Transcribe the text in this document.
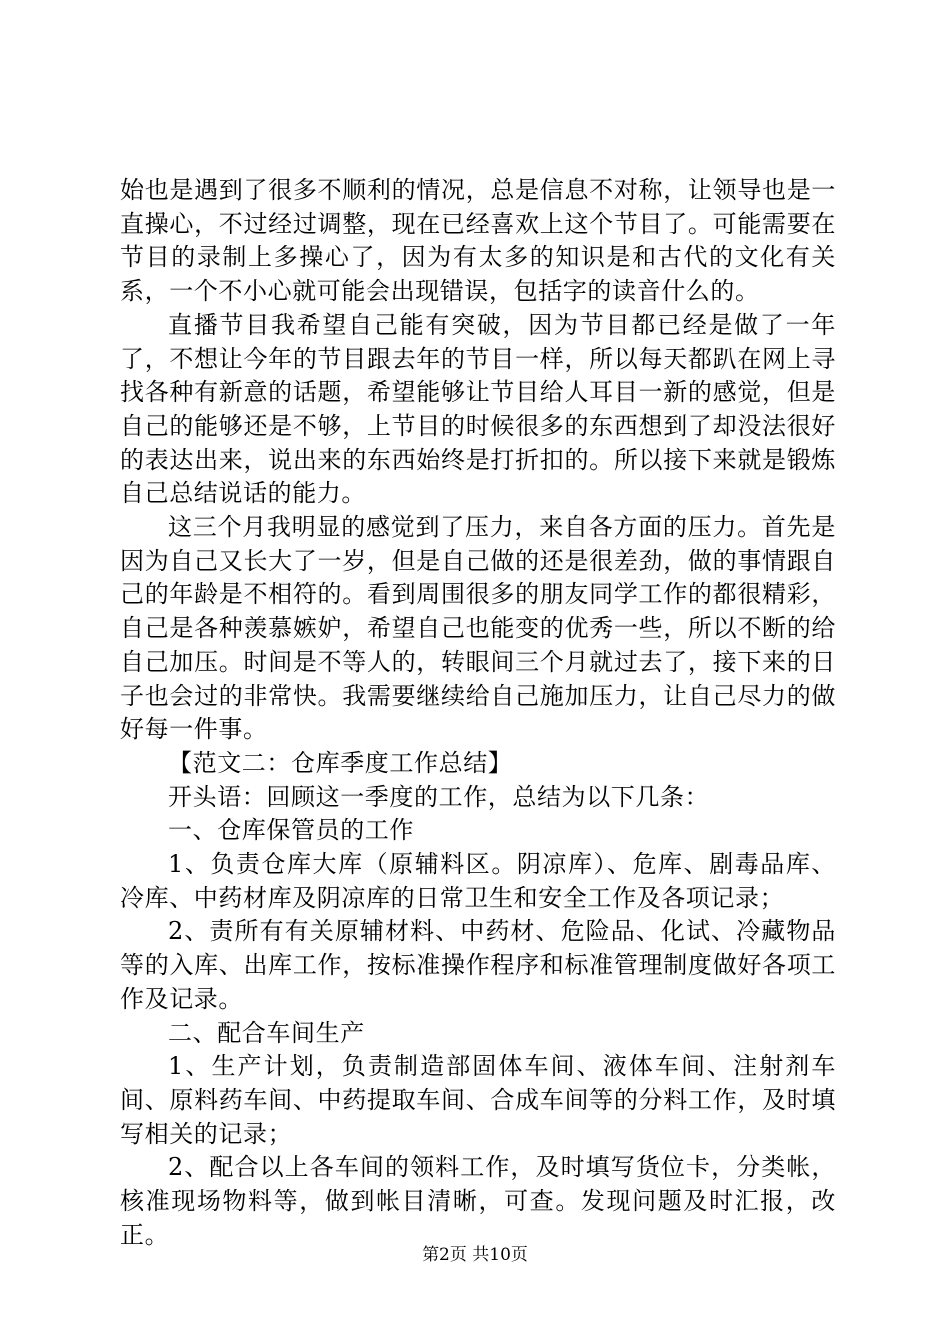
始也是遇到了很多不顺利的情况，总是信息不对称，让领导也是一直操心，不过经过调整，现在已经喜欢上这个节目了。可能需要在节目的录制上多操心了，因为有太多的知识是和古代的文化有关系，一个不小心就可能会出现错误，包括字的读音什么的。

直播节目我希望自己能有突破，因为节目都已经是做了一年了，不想让今年的节目跟去年的节目一样，所以每天都趴在网上寻找各种有新意的话题，希望能够让节目给人耳目一新的感觉，但是自己的能够还是不够，上节目的时候很多的东西想到了却没法很好的表达出来，说出来的东西始终是打折扣的。所以接下来就是锻炼自己总结说话的能力。

这三个月我明显的感觉到了压力，来自各方面的压力。首先是因为自己又长大了一岁，但是自己做的还是很差劲，做的事情跟自己的年龄是不相符的。看到周围很多的朋友同学工作的都很精彩，自己是各种羡慕嫉妒，希望自己也能变的优秀一些，所以不断的给自己加压。时间是不等人的，转眼间三个月就过去了，接下来的日子也会过的非常快。我需要继续给自己施加压力，让自己尽力的做好每一件事。

【范文二：仓库季度工作总结】

开头语：回顾这一季度的工作，总结为以下几条：

一、仓库保管员的工作

1、负责仓库大库（原辅料区。阴凉库）、危库、剧毒品库、冷库、中药材库及阴凉库的日常卫生和安全工作及各项记录；

2、责所有有关原辅材料、中药材、危险品、化试、冷藏物品等的入库、出库工作，按标准操作程序和标准管理制度做好各项工作及记录。

二、配合车间生产

1、生产计划，负责制造部固体车间、液体车间、注射剂车间、原料药车间、中药提取车间、合成车间等的分料工作，及时填写相关的记录；

2、配合以上各车间的领料工作，及时填写货位卡，分类帐，核准现场物料等，做到帐目清晰，可查。发现问题及时汇报，改正。

第2页 共10页
